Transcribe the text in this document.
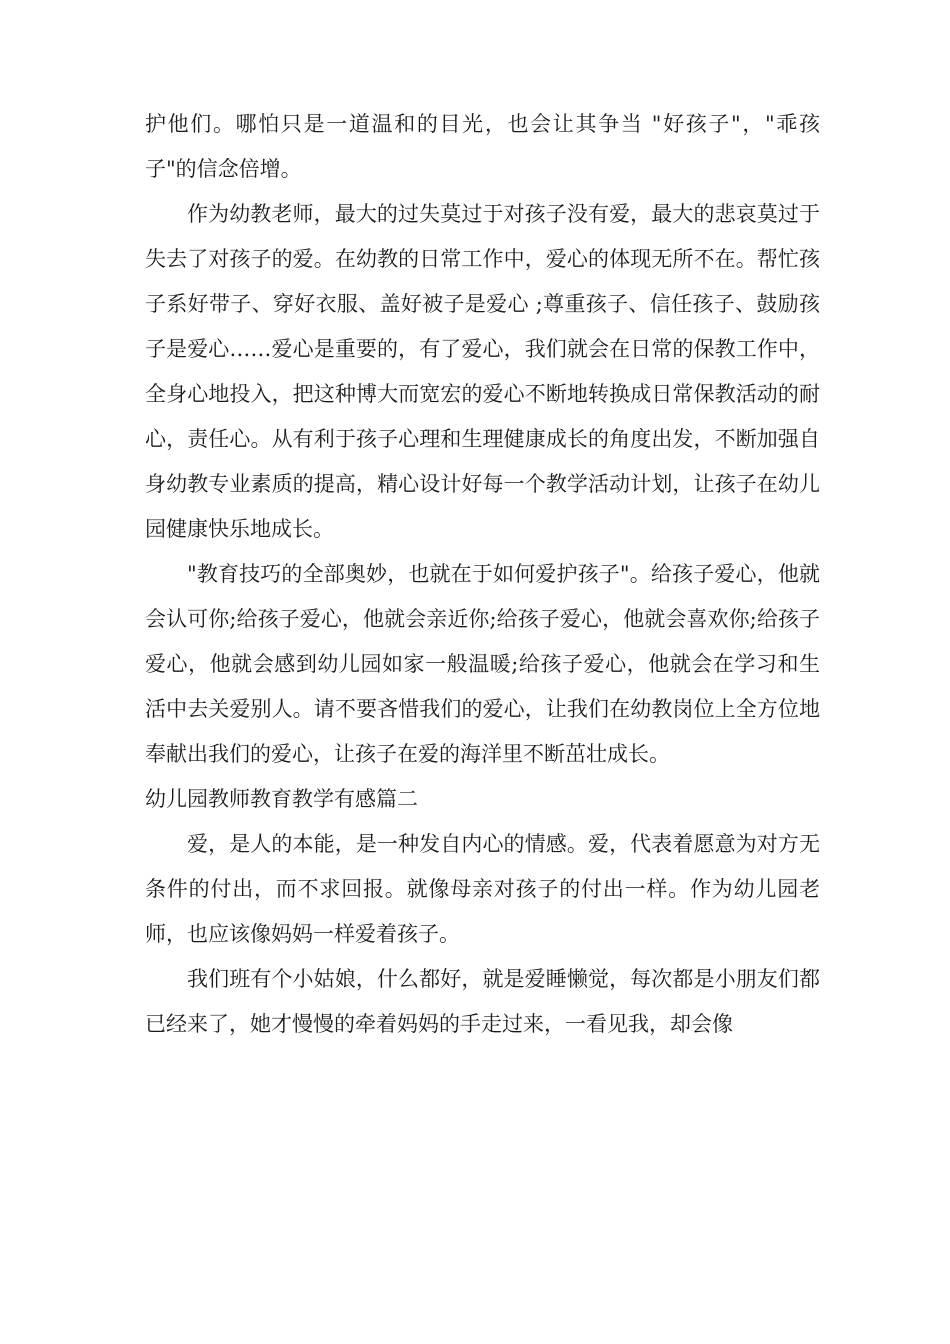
护他们。哪怕只是一道温和的目光，也会让其争当 "好孩子"，"乖孩子"的信念倍增。

作为幼教老师，最大的过失莫过于对孩子没有爱，最大的悲哀莫过于失去了对孩子的爱。在幼教的日常工作中，爱心的体现无所不在。帮忙孩子系好带子、穿好衣服、盖好被子是爱心 ;尊重孩子、信任孩子、鼓励孩子是爱心……爱心是重要的，有了爱心，我们就会在日常的保教工作中，全身心地投入，把这种博大而宽宏的爱心不断地转换成日常保教活动的耐心，责任心。从有利于孩子心理和生理健康成长的角度出发，不断加强自身幼教专业素质的提高，精心设计好每一个教学活动计划，让孩子在幼儿园健康快乐地成长。

"教育技巧的全部奥妙，也就在于如何爱护孩子"。给孩子爱心，他就会认可你;给孩子爱心，他就会亲近你;给孩子爱心，他就会喜欢你;给孩子爱心，他就会感到幼儿园如家一般温暖;给孩子爱心，他就会在学习和生活中去关爱别人。请不要吝惜我们的爱心，让我们在幼教岗位上全方位地奉献出我们的爱心，让孩子在爱的海洋里不断茁壮成长。

幼儿园教师教育教学有感篇二

爱，是人的本能，是一种发自内心的情感。爱，代表着愿意为对方无条件的付出，而不求回报。就像母亲对孩子的付出一样。作为幼儿园老师，也应该像妈妈一样爱着孩子。

我们班有个小姑娘，什么都好，就是爱睡懒觉，每次都是小朋友们都已经来了，她才慢慢的牵着妈妈的手走过来，一看见我，却会像
